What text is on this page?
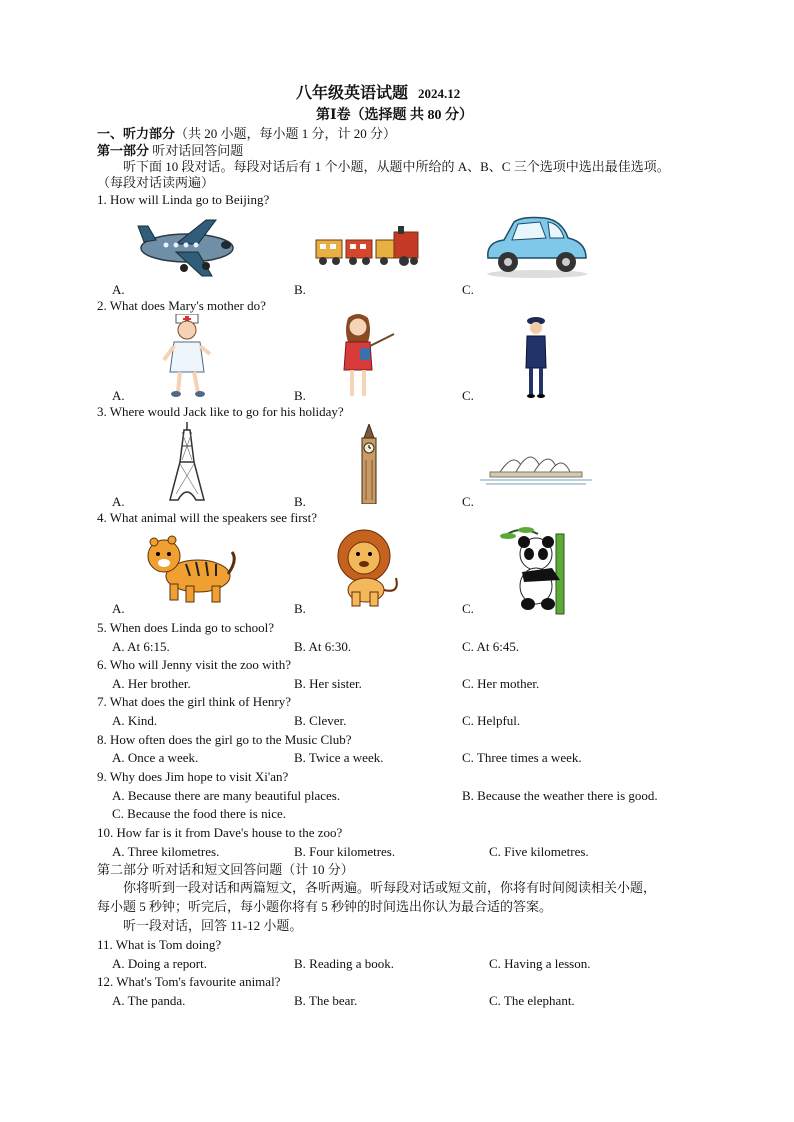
八年级英语试题 2024.12
第Ⅰ卷（选择题 共 80 分）
一、听力部分（共 20 小题，每小题 1 分，计 20 分）
第一部分 听对话回答问题
听下面 10 段对话。每段对话后有 1 个小题，从题中所给的 A、B、C 三个选项中选出最佳选项。
（每段对话读两遍）
1. How will Linda go to Beijing?
A.	B.	C.
2. What does Mary's mother do?
A.	B.	C.
3. Where would Jack like to go for his holiday?
A.	B.	C.
4. What animal will the speakers see first?
A.	B.	C.
5. When does Linda go to school?
A. At 6:15.	B. At 6:30.	C. At 6:45.
6. Who will Jenny visit the zoo with?
A. Her brother.	B. Her sister.	C. Her mother.
7. What does the girl think of Henry?
A. Kind.	B. Clever.	C. Helpful.
8. How often does the girl go to the Music Club?
A. Once a week.	B. Twice a week.	C. Three times a week.
9. Why does Jim hope to visit Xi'an?
A. Because there are many beautiful places.	B. Because the weather there is good.
C. Because the food there is nice.
10. How far is it from Dave's house to the zoo?
A. Three kilometres.	B. Four kilometres.	C. Five kilometres.
第二部分 听对话和短文回答问题（计 10 分）
你将听到一段对话和两篇短文，各听两遍。听每段对话或短文前，你将有时间阅读相关小题，
每小题 5 秒钟；听完后，每小题你将有 5 秒钟的时间选出你认为最合适的答案。
听一段对话，回答 11-12 小题。
11. What is Tom doing?
A. Doing a report.	B. Reading a book.	C. Having a lesson.
12. What's Tom's favourite animal?
A. The panda.	B. The bear.	C. The elephant.
